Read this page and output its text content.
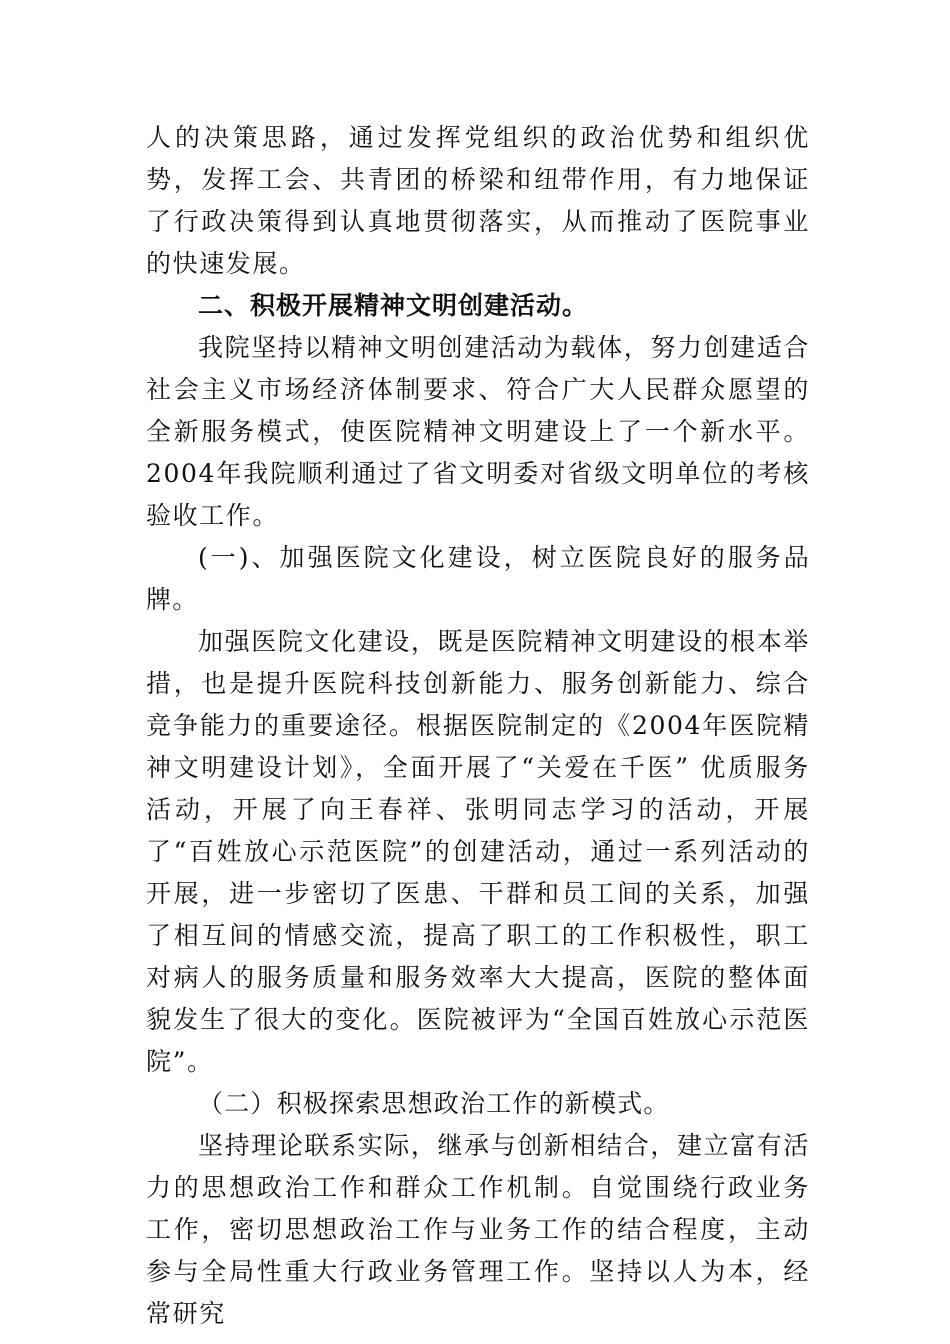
人的决策思路，通过发挥党组织的政治优势和组织优势，发挥工会、共青团的桥梁和纽带作用，有力地保证了行政决策得到认真地贯彻落实，从而推动了医院事业的快速发展。

二、积极开展精神文明创建活动。

我院坚持以精神文明创建活动为载体，努力创建适合社会主义市场经济体制要求、符合广大人民群众愿望的全新服务模式，使医院精神文明建设上了一个新水平。2004年我院顺利通过了省文明委对省级文明单位的考核验收工作。

(一)、加强医院文化建设，树立医院良好的服务品牌。

加强医院文化建设，既是医院精神文明建设的根本举措，也是提升医院科技创新能力、服务创新能力、综合竞争能力的重要途径。根据医院制定的《2004年医院精神文明建设计划》，全面开展了“关爱在千医” 优质服务活动，开展了向王春祥、张明同志学习的活动，开展了“百姓放心示范医院”的创建活动，通过一系列活动的开展，进一步密切了医患、干群和员工间的关系，加强了相互间的情感交流，提高了职工的工作积极性，职工对病人的服务质量和服务效率大大提高，医院的整体面貌发生了很大的变化。医院被评为“全国百姓放心示范医院”。

（二）积极探索思想政治工作的新模式。

坚持理论联系实际，继承与创新相结合，建立富有活力的思想政治工作和群众工作机制。自觉围绕行政业务工作，密切思想政治工作与业务工作的结合程度，主动参与全局性重大行政业务管理工作。坚持以人为本，经常研究
